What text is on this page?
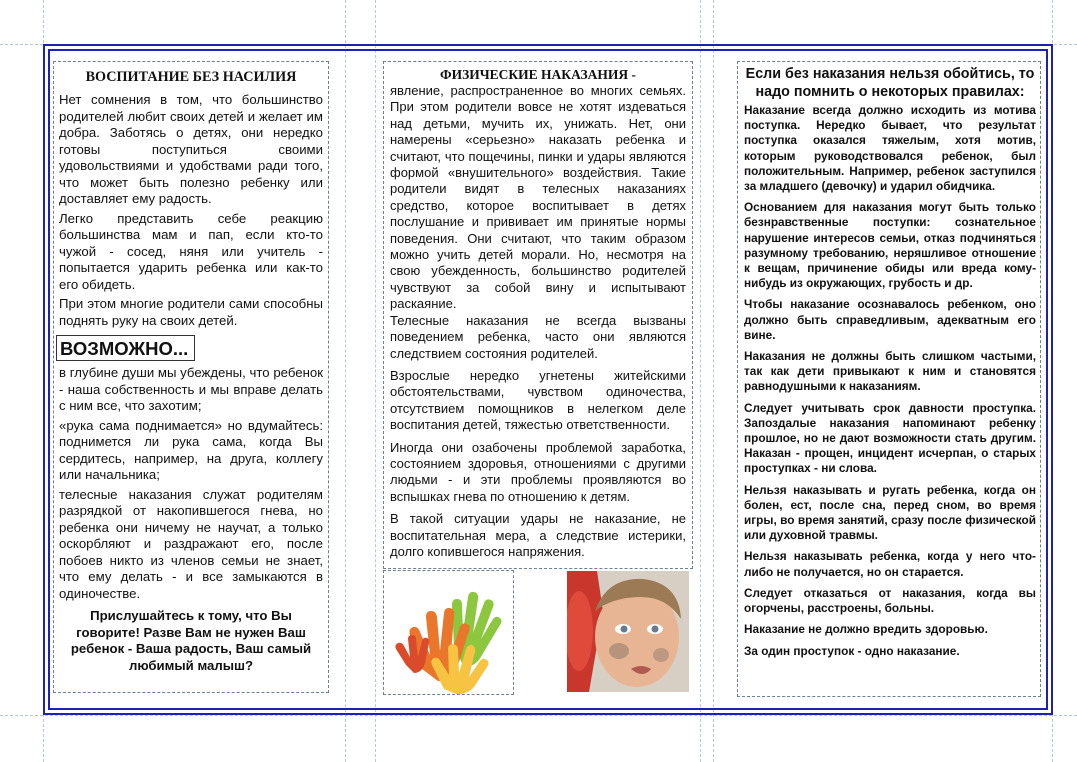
ВОСПИТАНИЕ БЕЗ НАСИЛИЯ

Нет сомнения в том, что большинство родителей любит своих детей и желает им добра. Заботясь о детях, они нередко готовы поступиться своими удовольствиями и удобствами ради того, что может быть полезно ребенку или доставляет ему радость.

Легко представить себе реакцию большинства мам и пап, если кто-то чужой - сосед, няня или учитель - попытается ударить ребенка или как-то его обидеть.

При этом многие родители сами способны поднять руку на своих детей.

ВОЗМОЖНО...

в глубине души мы убеждены, что ребенок - наша собственность и мы вправе делать с ним все, что захотим;

«рука сама поднимается» но вдумайтесь: поднимется ли рука сама, когда Вы сердитесь, например, на друга, коллегу или начальника;

телесные наказания служат родителям разрядкой от накопившегося гнева, но ребенка они ничему не научат, а только оскорбляют и раздражают его, после побоев никто из членов семьи не знает, что ему делать - и все замыкаются в одиночестве.

Прислушайтесь к тому, что Вы говорите! Разве Вам не нужен Ваш ребенок - Ваша радость, Ваш самый любимый малыш?

ФИЗИЧЕСКИЕ НАКАЗАНИЯ -

явление, распространенное во многих семьях. При этом родители вовсе не хотят издеваться над детьми, мучить их, унижать. Нет, они намерены «серьезно» наказать ребенка и считают, что пощечины, пинки и удары являются формой «внушительного» воздействия. Такие родители видят в телесных наказаниях средство, которое воспитывает в детях послушание и прививает им принятые нормы поведения. Они считают, что таким образом можно учить детей морали. Но, несмотря на свою убежденность, большинство родителей чувствуют за собой вину и испытывают раскаяние.

Телесные наказания не всегда вызваны поведением ребенка, часто они являются следствием состояния родителей.

Взрослые нередко угнетены житейскими обстоятельствами, чувством одиночества, отсутствием помощников в нелегком деле воспитания детей, тяжестью ответственности.

Иногда они озабочены проблемой заработка, состоянием здоровья, отношениями с другими людьми - и эти проблемы проявляются во вспышках гнева по отношению к детям.

В такой ситуации удары не наказание, не воспитательная мера, а следствие истерики, долго копившегося напряжения.

Если без наказания нельзя обойтись, то надо помнить о некоторых правилах:

Наказание всегда должно исходить из мотива поступка. Нередко бывает, что результат поступка оказался тяжелым, хотя мотив, которым руководствовался ребенок, был положительным. Например, ребенок заступился за младшего (девочку) и ударил обидчика.

Основанием для наказания могут быть только безнравственные поступки: сознательное нарушение интересов семьи, отказ подчиняться разумному требованию, неряшливое отношение к вещам, причинение обиды или вреда кому-нибудь из окружающих, грубость и др.

Чтобы наказание осознавалось ребенком, оно должно быть справедливым, адекватным его вине.

Наказания не должны быть слишком частыми, так как дети привыкают к ним и становятся равнодушными к наказаниям.

Следует учитывать срок давности проступка. Запоздалые наказания напоминают ребенку прошлое, но не дают возможности стать другим. Наказан - прощен, инцидент исчерпан, о старых проступках - ни слова.

Нельзя наказывать и ругать ребенка, когда он болен, ест, после сна, перед сном, во время игры, во время занятий, сразу после физической или духовной травмы.

Нельзя наказывать ребенка, когда у него что-либо не получается, но он старается.

Следует отказаться от наказания, когда вы огорчены, расстроены, больны.

Наказание не должно вредить здоровью.

За один проступок - одно наказание.
